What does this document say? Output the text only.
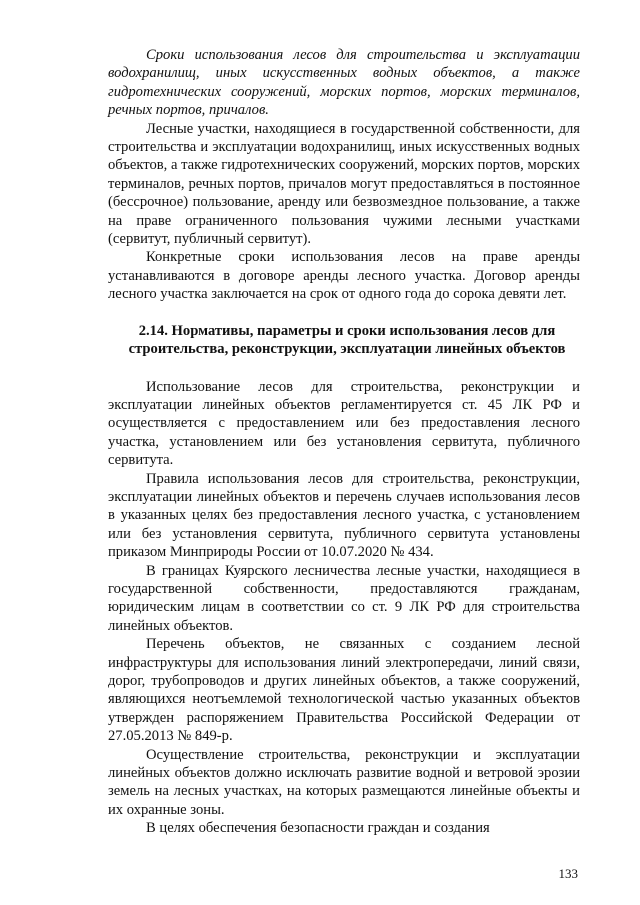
Сроки использования лесов для строительства и эксплуатации водохранилищ, иных искусственных водных объектов, а также гидротехнических сооружений, морских портов, морских терминалов, речных портов, причалов.

Лесные участки, находящиеся в государственной собственности, для строительства и эксплуатации водохранилищ, иных искусственных водных объектов, а также гидротехнических сооружений, морских портов, морских терминалов, речных портов, причалов могут предоставляться в постоянное (бессрочное) пользование, аренду или безвозмездное пользование, а также на праве ограниченного пользования чужими лесными участками (сервитут, публичный сервитут).

Конкретные сроки использования лесов на праве аренды устанавливаются в договоре аренды лесного участка. Договор аренды лесного участка заключается на срок от одного года до сорока девяти лет.

2.14. Нормативы, параметры и сроки использования лесов для
строительства, реконструкции, эксплуатации линейных объектов

Использование лесов для строительства, реконструкции и эксплуатации линейных объектов регламентируется ст. 45 ЛК РФ и осуществляется с предоставлением или без предоставления лесного участка, установлением или без установления сервитута, публичного сервитута.

Правила использования лесов для строительства, реконструкции, эксплуатации линейных объектов и перечень случаев использования лесов в указанных целях без предоставления лесного участка, с установлением или без установления сервитута, публичного сервитута установлены приказом Минприроды России от 10.07.2020 № 434.

В границах Куярского лесничества лесные участки, находящиеся в государственной собственности, предоставляются гражданам, юридическим лицам в соответствии со ст. 9 ЛК РФ для строительства линейных объектов.

Перечень объектов, не связанных с созданием лесной инфраструктуры для использования линий электропередачи, линий связи, дорог, трубопроводов и других линейных объектов, а также сооружений, являющихся неотъемлемой технологической частью указанных объектов утвержден распоряжением Правительства Российской Федерации от 27.05.2013 № 849-р.

Осуществление строительства, реконструкции и эксплуатации линейных объектов должно исключать развитие водной и ветровой эрозии земель на лесных участках, на которых размещаются линейные объекты и их охранные зоны.

В целях обеспечения безопасности граждан и создания

133
